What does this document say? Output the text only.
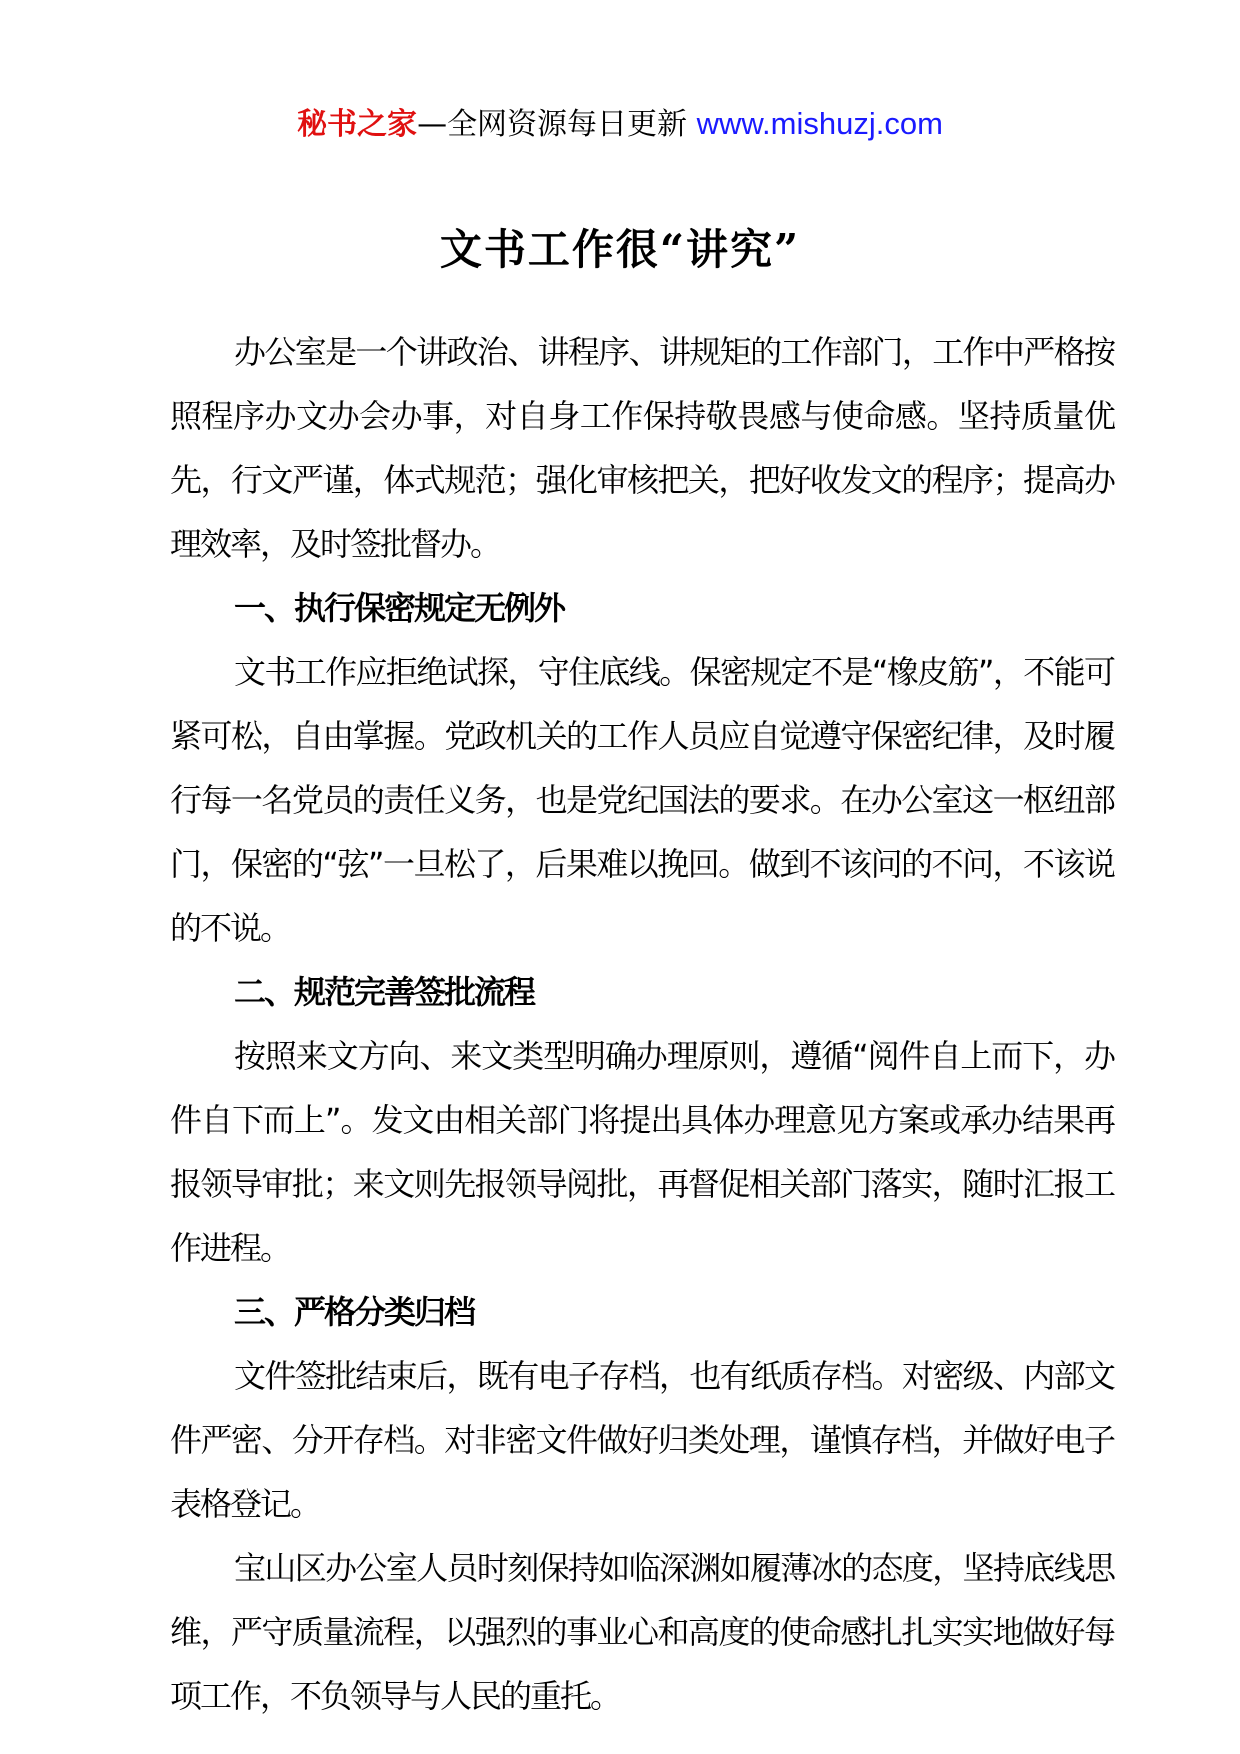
秘书之家—全网资源每日更新 www.mishuzj.com
文书工作很“讲究”

办公室是一个讲政治、讲程序、讲规矩的工作部门，工作中严格按照程序办文办会办事，对自身工作保持敬畏感与使命感。坚持质量优先，行文严谨，体式规范；强化审核把关，把好收发文的程序；提高办理效率，及时签批督办。

一、执行保密规定无例外

文书工作应拒绝试探，守住底线。保密规定不是“橡皮筋”，不能可紧可松，自由掌握。党政机关的工作人员应自觉遵守保密纪律，及时履行每一名党员的责任义务，也是党纪国法的要求。在办公室这一枢纽部门，保密的“弦”一旦松了，后果难以挽回。做到不该问的不问，不该说的不说。

二、规范完善签批流程

按照来文方向、来文类型明确办理原则，遵循“阅件自上而下，办件自下而上”。发文由相关部门将提出具体办理意见方案或承办结果再报领导审批；来文则先报领导阅批，再督促相关部门落实，随时汇报工作进程。

三、严格分类归档

文件签批结束后，既有电子存档，也有纸质存档。对密级、内部文件严密、分开存档。对非密文件做好归类处理，谨慎存档，并做好电子表格登记。

宝山区办公室人员时刻保持如临深渊如履薄冰的态度，坚持底线思维，严守质量流程，以强烈的事业心和高度的使命感扎扎实实地做好每项工作，不负领导与人民的重托。
